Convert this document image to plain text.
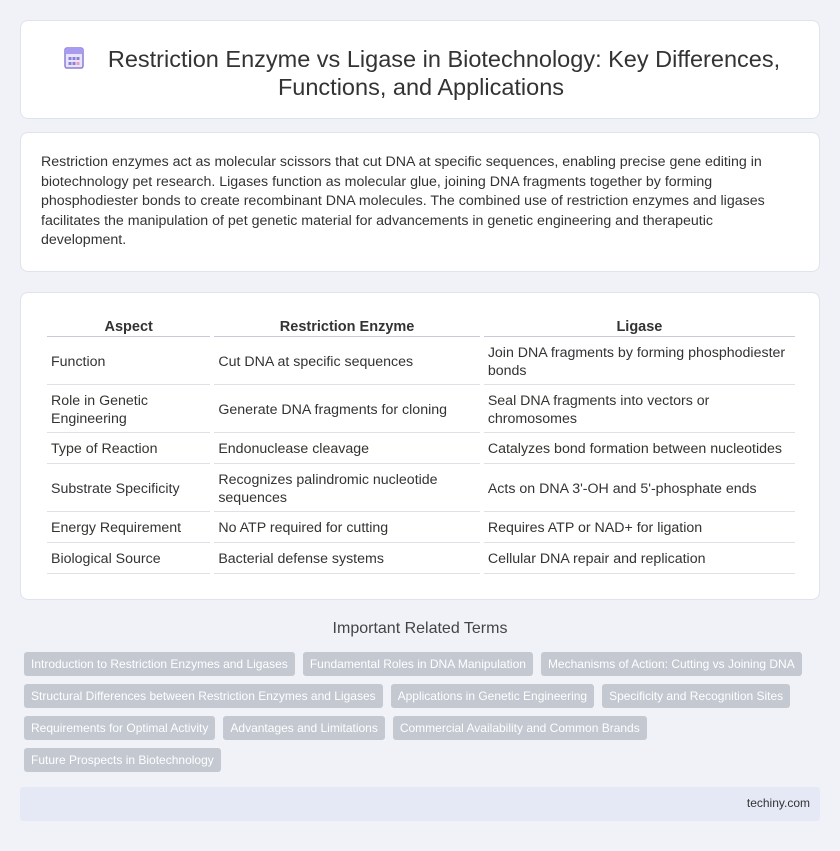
Restriction Enzyme vs Ligase in Biotechnology: Key Differences, Functions, and Applications

Restriction enzymes act as molecular scissors that cut DNA at specific sequences, enabling precise gene editing in biotechnology pet research. Ligases function as molecular glue, joining DNA fragments together by forming phosphodiester bonds to create recombinant DNA molecules. The combined use of restriction enzymes and ligases facilitates the manipulation of pet genetic material for advancements in genetic engineering and therapeutic development.

Aspect	Restriction Enzyme	Ligase
Function	Cut DNA at specific sequences	Join DNA fragments by forming phosphodiester bonds
Role in Genetic Engineering	Generate DNA fragments for cloning	Seal DNA fragments into vectors or chromosomes
Type of Reaction	Endonuclease cleavage	Catalyzes bond formation between nucleotides
Substrate Specificity	Recognizes palindromic nucleotide sequences	Acts on DNA 3'-OH and 5'-phosphate ends
Energy Requirement	No ATP required for cutting	Requires ATP or NAD+ for ligation
Biological Source	Bacterial defense systems	Cellular DNA repair and replication
Important Related Terms
Introduction to Restriction Enzymes and Ligases	Fundamental Roles in DNA Manipulation	Mechanisms of Action: Cutting vs Joining DNA
Structural Differences between Restriction Enzymes and Ligases	Applications in Genetic Engineering	Specificity and Recognition Sites
Requirements for Optimal Activity	Advantages and Limitations	Commercial Availability and Common Brands
Future Prospects in Biotechnology
techiny.com
